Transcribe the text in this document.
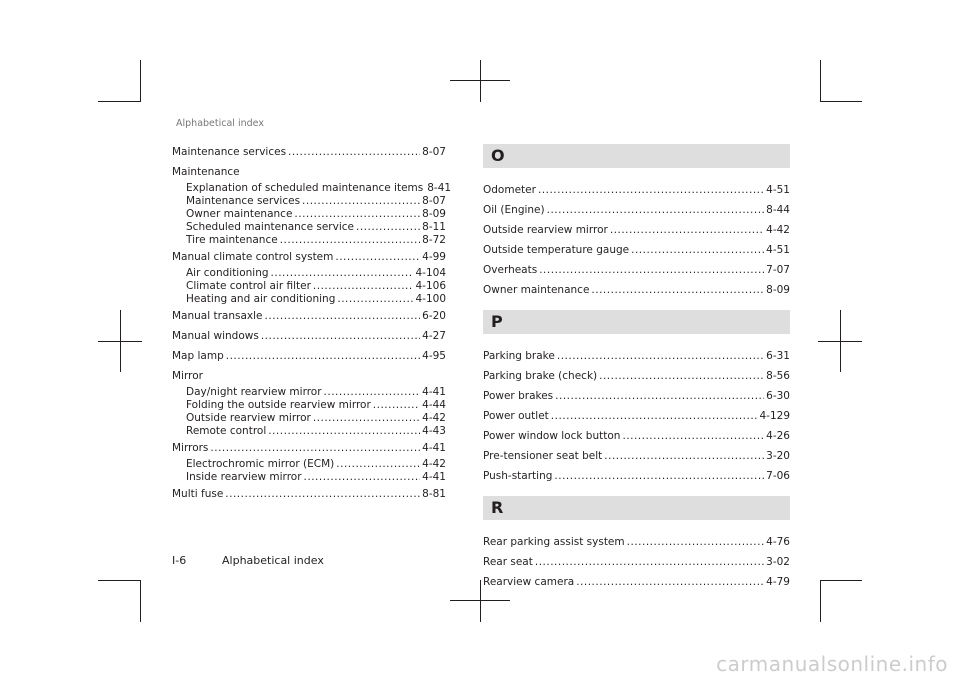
Alphabetical index
Maintenance services .....	8-07
Maintenance
Explanation of scheduled maintenance items 8-41
Maintenance services .....	8-07
Owner maintenance .....	8-09
Scheduled maintenance service .....	8-11
Tire maintenance .....	8-72
Manual climate control system .....	4-99
Air conditioning .....	4-104
Climate control air filter .....	4-106
Heating and air conditioning .....	4-100
Manual transaxle .....	6-20
Manual windows .....	4-27
Map lamp .....	4-95
Mirror
Day/night rearview mirror .....	4-41
Folding the outside rearview mirror .....	4-44
Outside rearview mirror .....	4-42
Remote control .....	4-43
Mirrors .....	4-41
Electrochromic mirror (ECM) .....	4-42
Inside rearview mirror .....	4-41
Multi fuse .....	8-81
O
Odometer .....	4-51
Oil (Engine) .....	8-44
Outside rearview mirror .....	4-42
Outside temperature gauge .....	4-51
Overheats .....	7-07
Owner maintenance .....	8-09
P
Parking brake .....	6-31
Parking brake (check) .....	8-56
Power brakes .....	6-30
Power outlet .....	4-129
Power window lock button .....	4-26
Pre-tensioner seat belt .....	3-20
Push-starting .....	7-06
R
Rear parking assist system .....	4-76
Rear seat .....	3-02
Rearview camera .....	4-79
I-6	Alphabetical index
carmanualsonline.info
